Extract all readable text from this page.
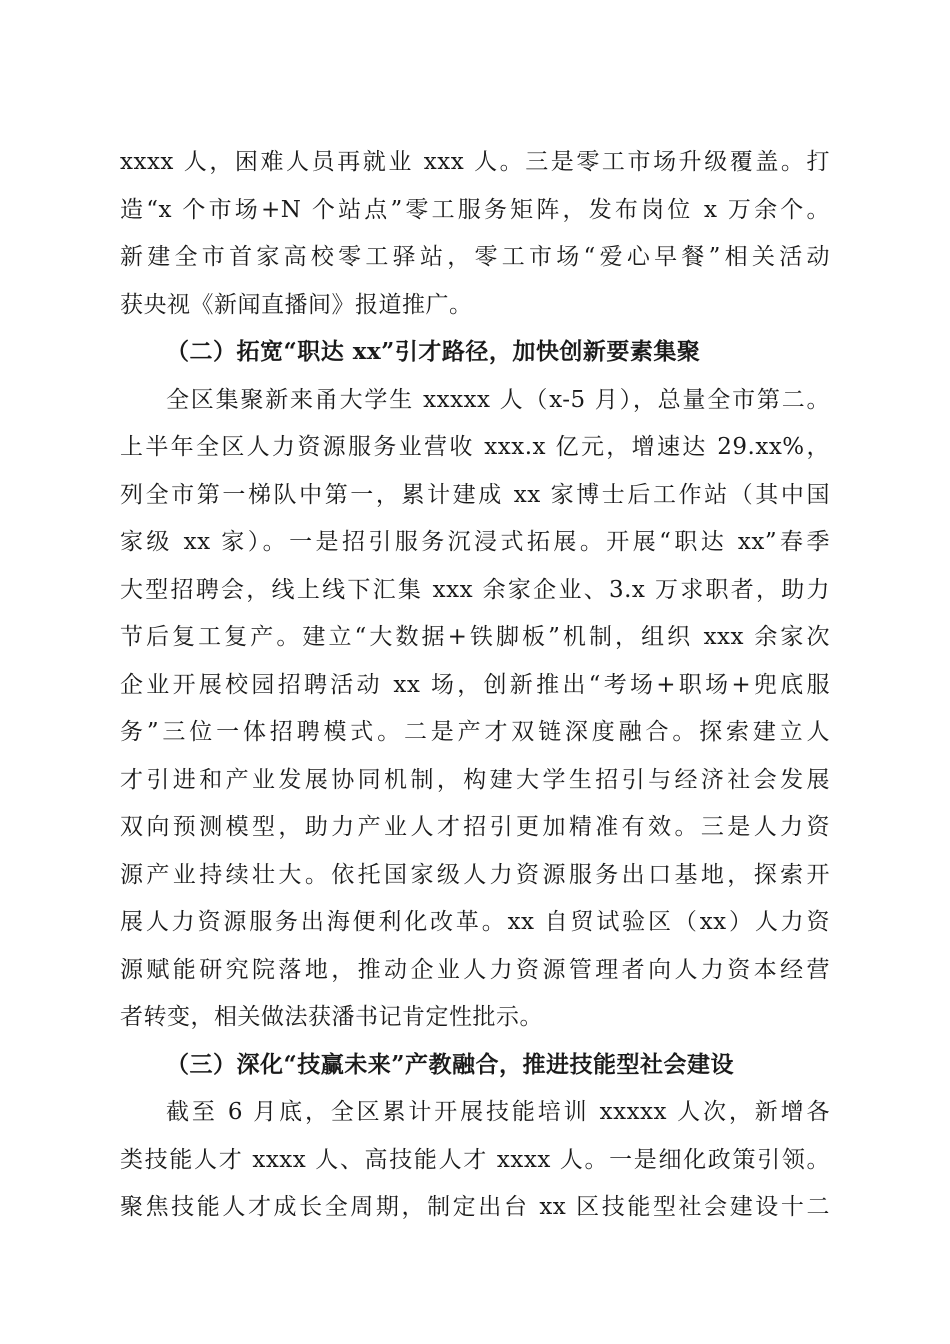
xxxx 人，困难人员再就业 xxx 人。三是零工市场升级覆盖。打
造“x 个市场+N 个站点”零工服务矩阵，发布岗位 x 万余个。
新建全市首家高校零工驿站，零工市场“爱心早餐”相关活动
获央视《新闻直播间》报道推广。
（二）拓宽“职达 xx”引才路径，加快创新要素集聚
全区集聚新来甬大学生 xxxxx 人（x-5 月），总量全市第二。
上半年全区人力资源服务业营收 xxx.x 亿元，增速达 29.xx%，
列全市第一梯队中第一，累计建成 xx 家博士后工作站（其中国
家级 xx 家）。一是招引服务沉浸式拓展。开展“职达 xx”春季
大型招聘会，线上线下汇集 xxx 余家企业、3.x 万求职者，助力
节后复工复产。建立“大数据+铁脚板”机制，组织 xxx 余家次
企业开展校园招聘活动 xx 场，创新推出“考场+职场+兜底服
务”三位一体招聘模式。二是产才双链深度融合。探索建立人
才引进和产业发展协同机制，构建大学生招引与经济社会发展
双向预测模型，助力产业人才招引更加精准有效。三是人力资
源产业持续壮大。依托国家级人力资源服务出口基地，探索开
展人力资源服务出海便利化改革。xx 自贸试验区（xx）人力资
源赋能研究院落地，推动企业人力资源管理者向人力资本经营
者转变，相关做法获潘书记肯定性批示。
（三）深化“技赢未来”产教融合，推进技能型社会建设
截至 6 月底，全区累计开展技能培训 xxxxx 人次，新增各
类技能人才 xxxx 人、高技能人才 xxxx 人。一是细化政策引领。
聚焦技能人才成长全周期，制定出台 xx 区技能型社会建设十二
